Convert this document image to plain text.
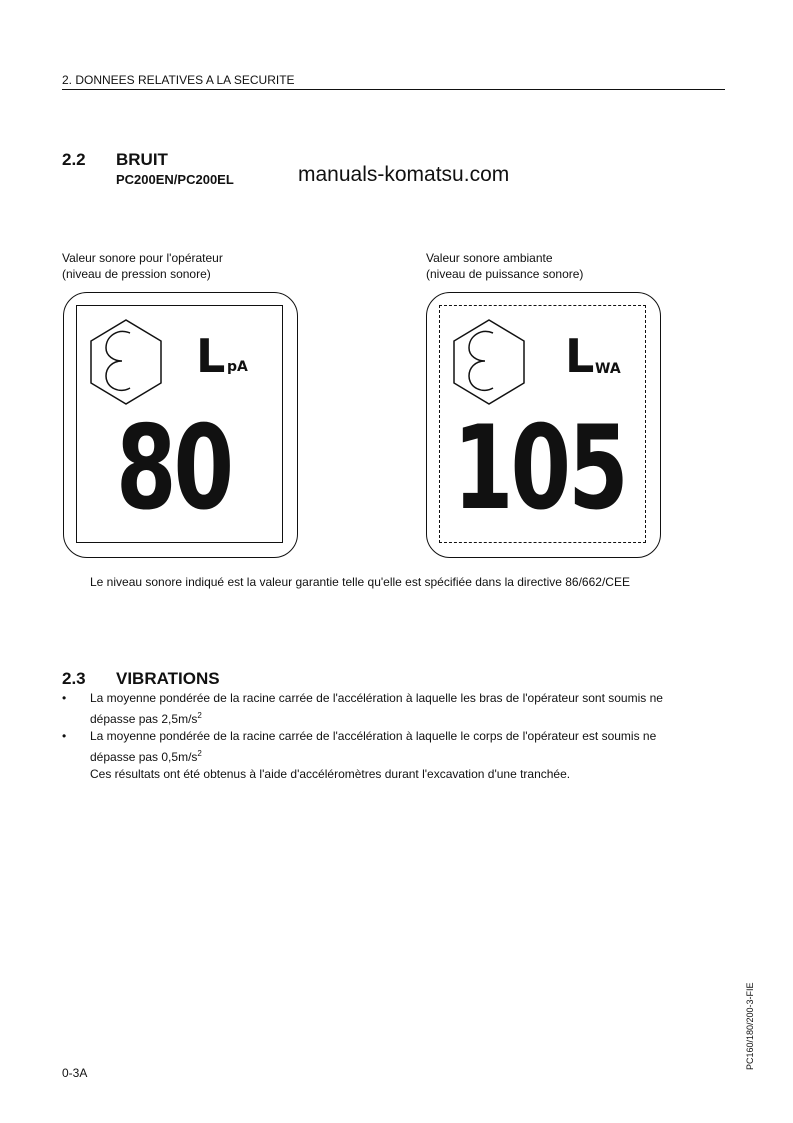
2. DONNEES RELATIVES A LA SECURITE
2.2 BRUIT
PC200EN/PC200EL	manuals-komatsu.com
Valeur sonore pour l'opérateur
(niveau de pression sonore)
Valeur sonore ambiante
(niveau de puissance sonore)
L pA
80
L WA
105
Le niveau sonore indiqué est la valeur garantie telle qu'elle est spécifiée dans la directive 86/662/CEE
2.3 VIBRATIONS
• La moyenne pondérée de la racine carrée de l'accélération à laquelle les bras de l'opérateur sont soumis ne
dépasse pas $2,5m/s^2$
• La moyenne pondérée de la racine carrée de l'accélération à laquelle le corps de l'opérateur est soumis ne
dépasse pas $0,5m/s^2$
Ces résultats ont été obtenus à l'aide d'accéléromètres durant l'excavation d'une tranchée.
0-3A
PC160/180/200-3-FIE
